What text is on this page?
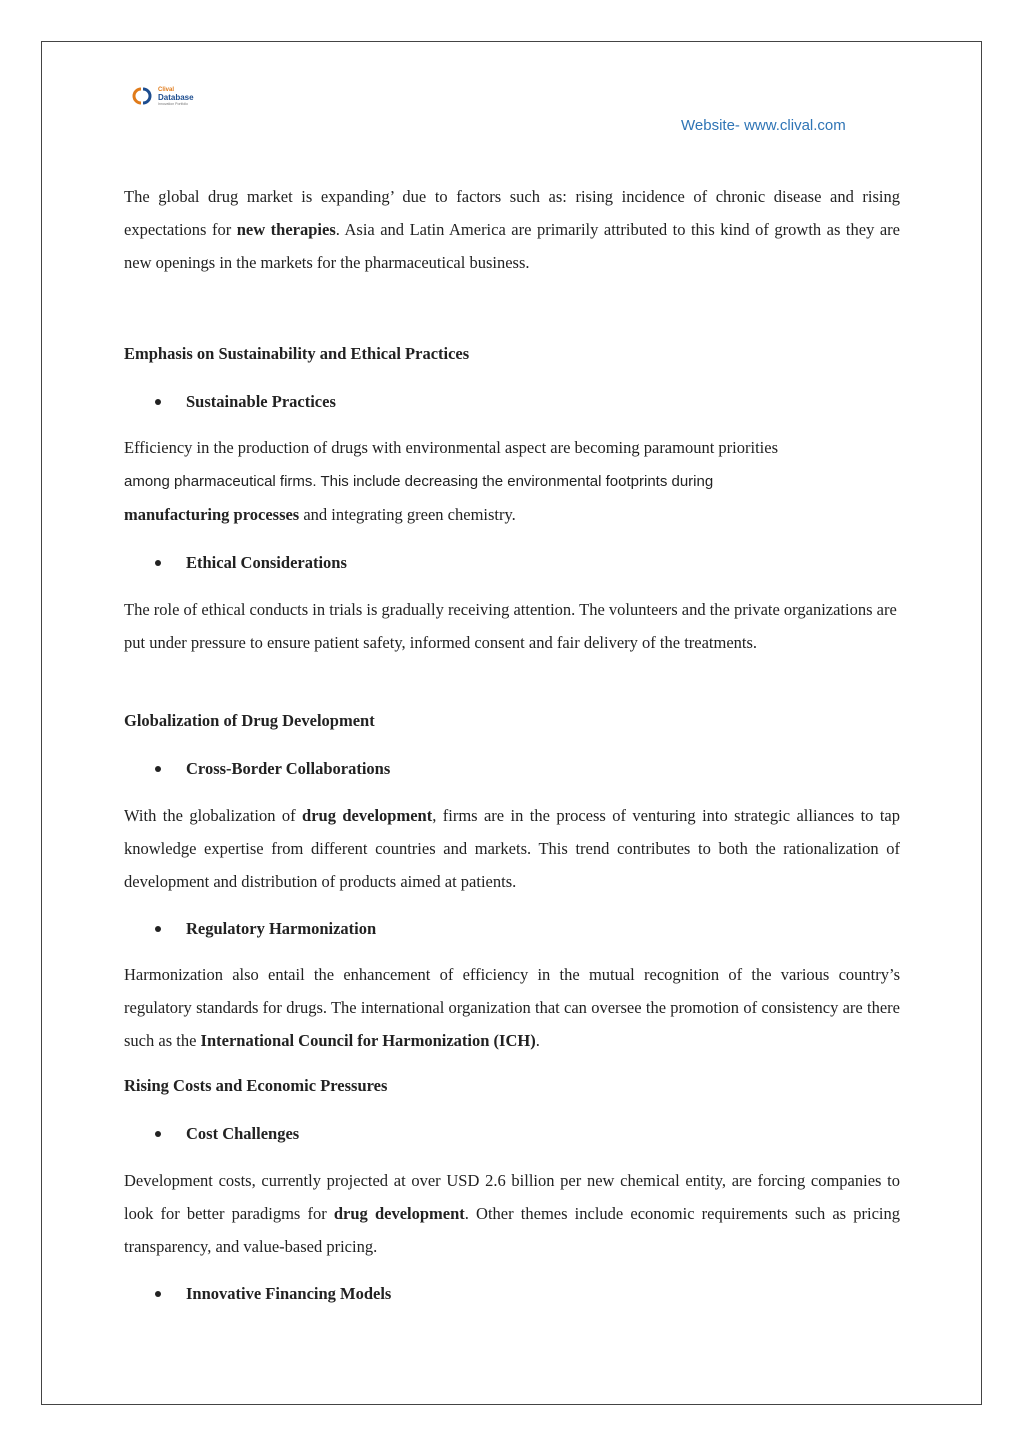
Clival
Database
Innovation Portfolio
Website- www.clival.com

The global drug market is expanding’ due to factors such as: rising incidence of chronic disease and rising expectations for new therapies. Asia and Latin America are primarily attributed to this kind of growth as they are new openings in the markets for the pharmaceutical business.

Emphasis on Sustainability and Ethical Practices

Sustainable Practices

Efficiency in the production of drugs with environmental aspect are becoming paramount priorities
among pharmaceutical firms. This include decreasing the environmental footprints during
manufacturing processes and integrating green chemistry.

Ethical Considerations

The role of ethical conducts in trials is gradually receiving attention. The volunteers and the private organizations are put under pressure to ensure patient safety, informed consent and fair delivery of the treatments.

Globalization of Drug Development

Cross-Border Collaborations

With the globalization of drug development, firms are in the process of venturing into strategic alliances to tap knowledge expertise from different countries and markets. This trend contributes to both the rationalization of development and distribution of products aimed at patients.

Regulatory Harmonization

Harmonization also entail the enhancement of efficiency in the mutual recognition of the various country’s regulatory standards for drugs. The international organization that can oversee the promotion of consistency are there such as the International Council for Harmonization (ICH).

Rising Costs and Economic Pressures

Cost Challenges

Development costs, currently projected at over USD 2.6 billion per new chemical entity, are forcing companies to look for better paradigms for drug development. Other themes include economic requirements such as pricing transparency, and value-based pricing.

Innovative Financing Models
